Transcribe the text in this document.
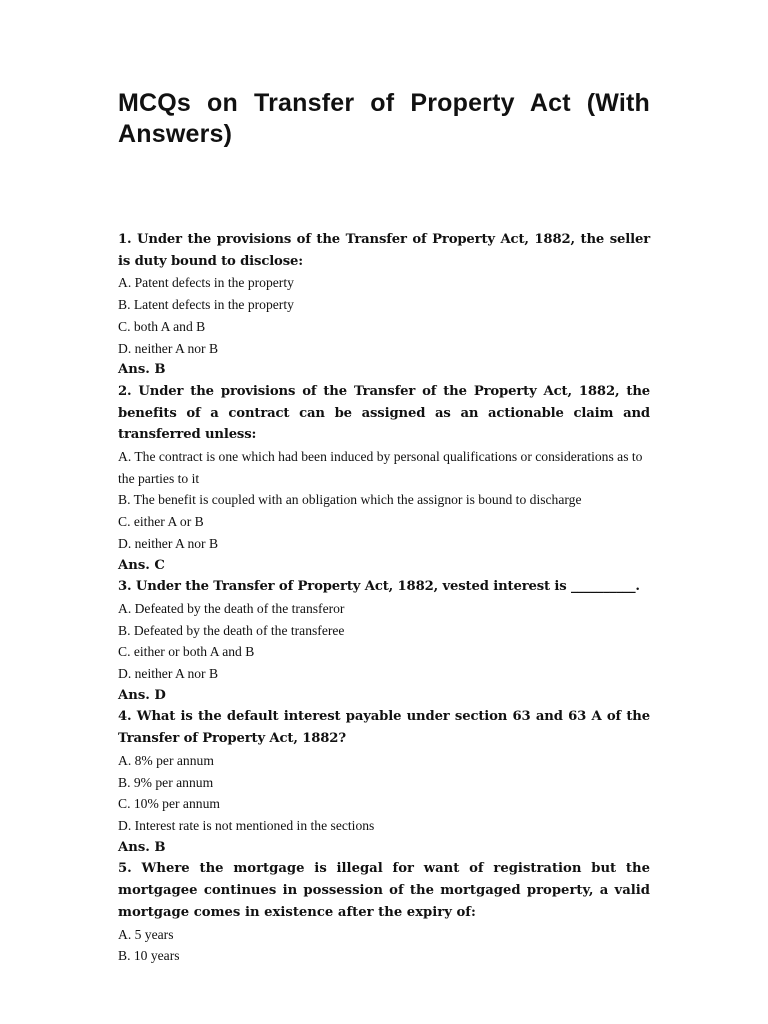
MCQs on Transfer of Property Act (With Answers)

1. Under the provisions of the Transfer of Property Act, 1882, the seller is duty bound to disclose:

A. Patent defects in the property

B. Latent defects in the property

C. both A and B

D. neither A nor B

Ans. B

2. Under the provisions of the Transfer of the Property Act, 1882, the benefits of a contract can be assigned as an actionable claim and transferred unless:

A. The contract is one which had been induced by personal qualifications or considerations as to the parties to it

B. The benefit is coupled with an obligation which the assignor is bound to discharge

C. either A or B

D. neither A nor B

Ans. C

3. Under the Transfer of Property Act, 1882, vested interest is __________.

A. Defeated by the death of the transferor

B. Defeated by the death of the transferee

C. either or both A and B

D. neither A nor B

Ans. D

4. What is the default interest payable under section 63 and 63 A of the Transfer of Property Act, 1882?

A. 8% per annum

B. 9% per annum

C. 10% per annum

D. Interest rate is not mentioned in the sections

Ans. B

5. Where the mortgage is illegal for want of registration but the mortgagee continues in possession of the mortgaged property, a valid mortgage comes in existence after the expiry of:

A. 5 years

B. 10 years
